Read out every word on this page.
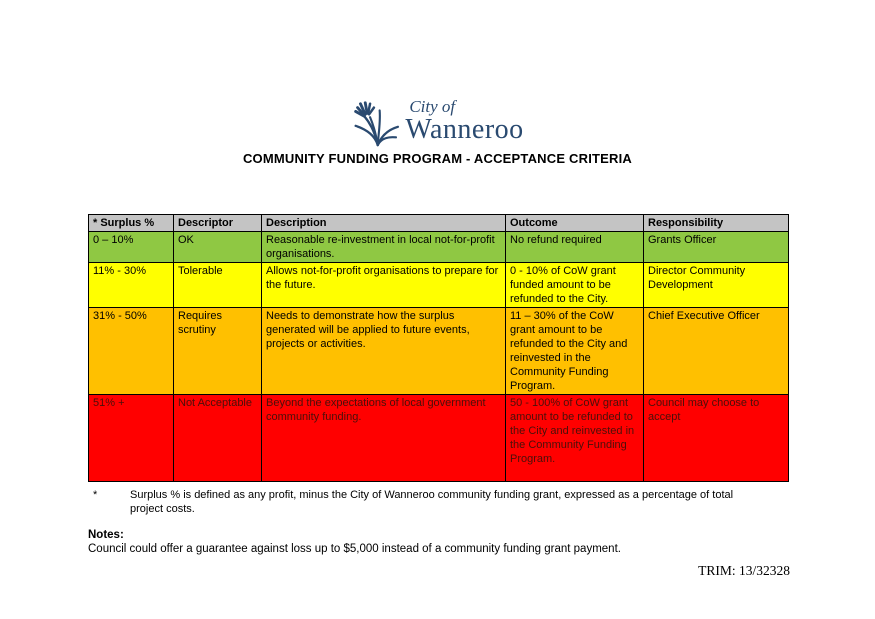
City of
Wanneroo
COMMUNITY FUNDING PROGRAM - ACCEPTANCE CRITERIA
* Surplus %	Descriptor	Description	Outcome	Responsibility
0 – 10%	OK	Reasonable re-investment in local not-for-profit organisations.	No refund required	Grants Officer
11% - 30%	Tolerable	Allows not-for-profit organisations to prepare for the future.	0 - 10% of CoW grant funded amount to be refunded to the City.	Director Community Development
31% - 50%	Requires scrutiny	Needs to demonstrate how the surplus generated will be applied to future events, projects or activities.	11 – 30% of the CoW grant amount to be refunded to the City and reinvested in the Community Funding Program.	Chief Executive Officer
51% +	Not Acceptable	Beyond the expectations of local government community funding.	50 - 100% of CoW grant amount to be refunded to the City and reinvested in the Community Funding Program.	Council may choose to accept
*	Surplus % is defined as any profit, minus the City of Wanneroo community funding grant, expressed as a percentage of total project costs.
Notes:
Council could offer a guarantee against loss up to $5,000 instead of a community funding grant payment.
TRIM: 13/32328
